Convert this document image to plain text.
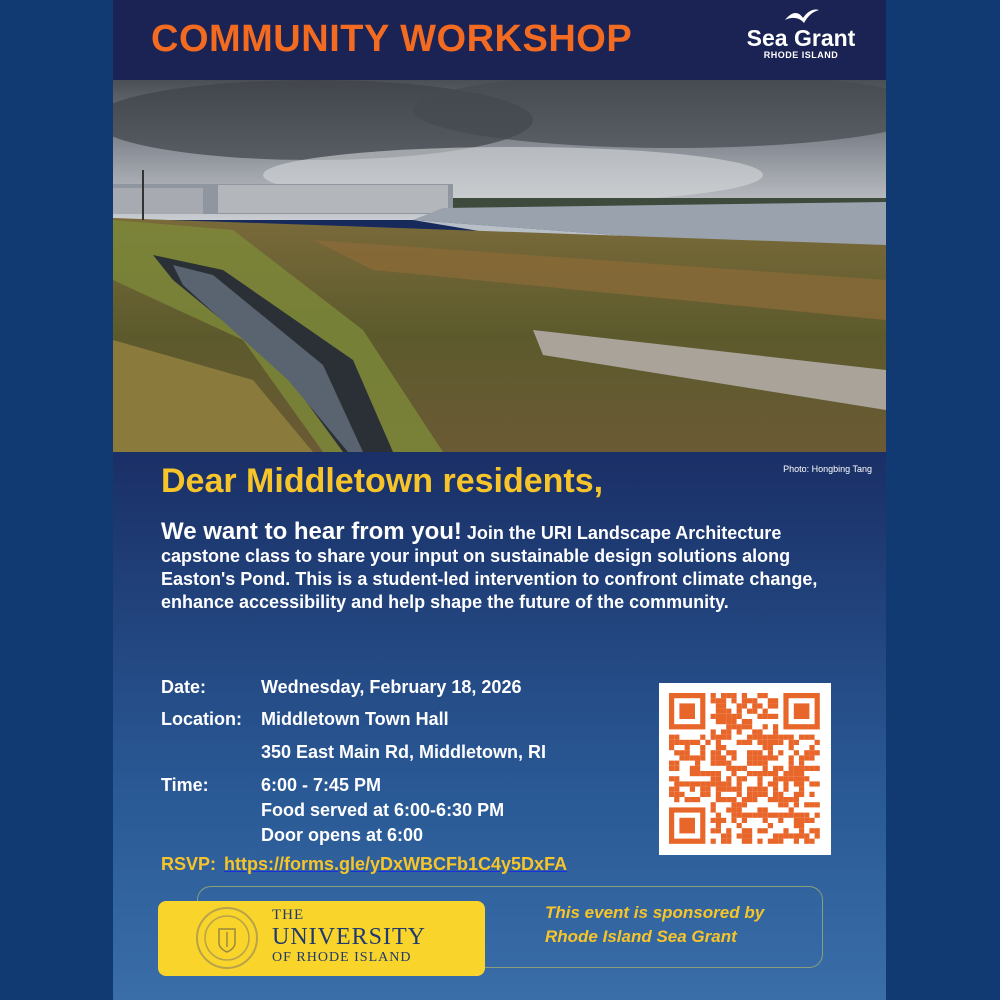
COMMUNITY WORKSHOP	Sea Grant
RHODE ISLAND
Photo: Hongbing Tang
Dear Middletown residents,
We want to hear from you! Join the URI Landscape Architecture capstone class to share your input on sustainable design solutions along Easton's Pond. This is a student-led intervention to confront climate change, enhance accessibility and help shape the future of the community.
Date:	Wednesday, February 18, 2026
Location: Middletown Town Hall
350 East Main Rd, Middletown, RI
Time:	6:00 - 7:45 PM
Food served at 6:00-6:30 PM
Door opens at 6:00
RSVP: https://forms.gle/yDxWBCFb1C4y5DxFA
THE
UNIVERSITY
OF RHODE ISLAND
This event is sponsored by Rhode Island Sea Grant
